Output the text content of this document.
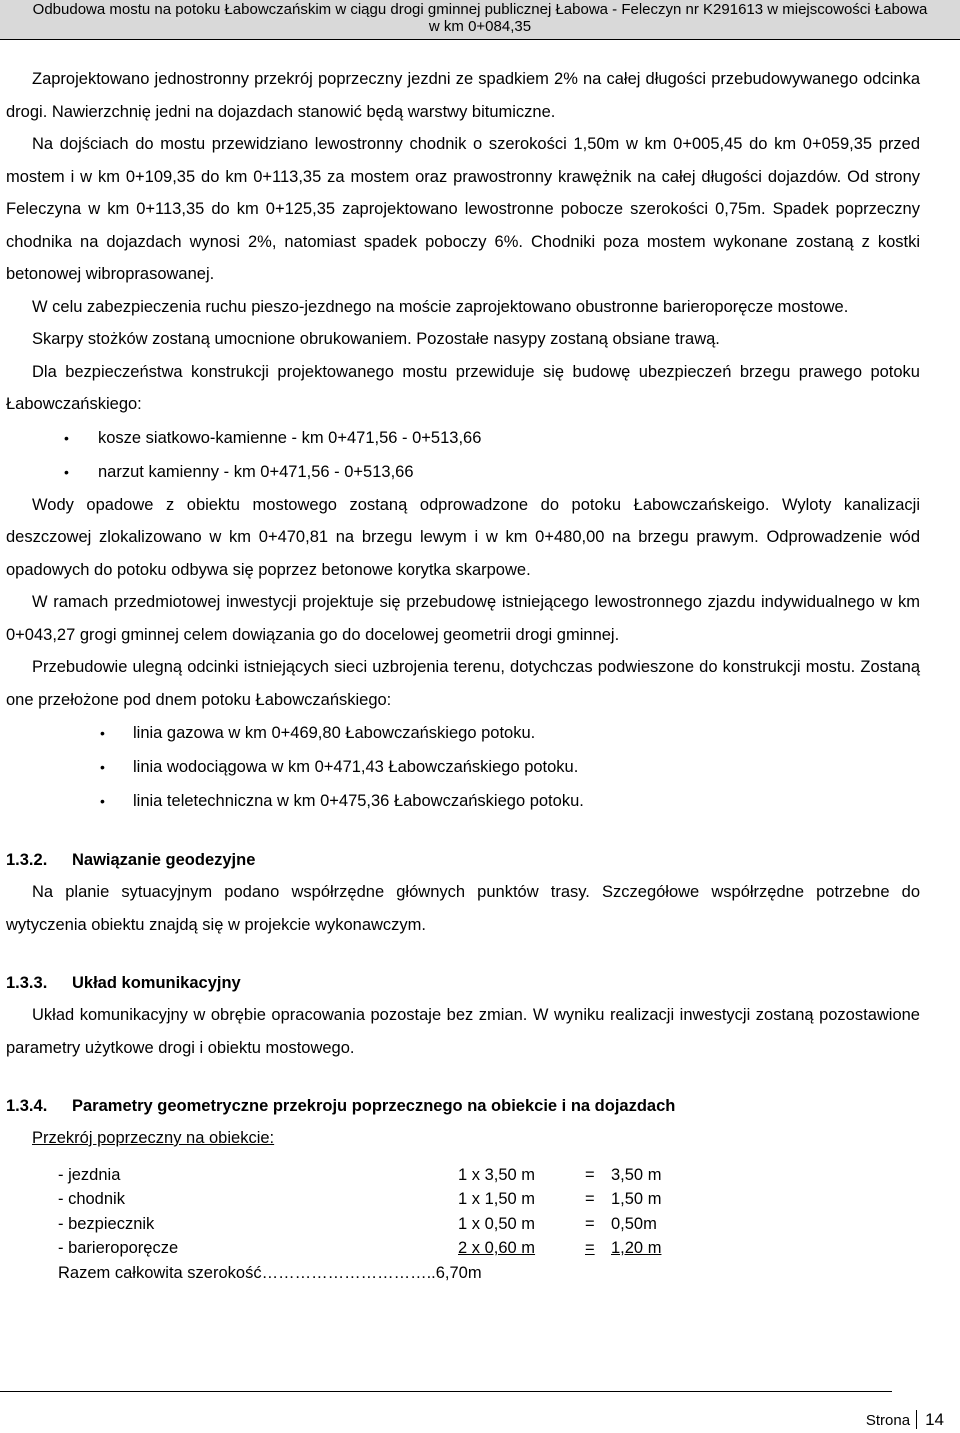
Odbudowa mostu na potoku Łabowczańskim w ciągu drogi gminnej publicznej Łabowa - Feleczyn nr K291613 w miejscowości Łabowa
w km 0+084,35

Zaprojektowano jednostronny przekrój poprzeczny jezdni ze spadkiem 2% na całej długości przebudowywanego odcinka drogi. Nawierzchnię jedni na dojazdach stanowić będą warstwy bitumiczne.

Na dojściach do mostu przewidziano lewostronny chodnik o szerokości 1,50m w km 0+005,45 do km 0+059,35 przed mostem i w km 0+109,35 do km 0+113,35 za mostem oraz prawostronny krawężnik na całej długości dojazdów. Od strony Feleczyna w km 0+113,35 do km 0+125,35 zaprojektowano lewostronne pobocze szerokości 0,75m. Spadek poprzeczny chodnika na dojazdach wynosi 2%, natomiast spadek poboczy 6%. Chodniki poza mostem wykonane zostaną z kostki betonowej wibroprasowanej.

W celu zabezpieczenia ruchu pieszo-jezdnego na moście zaprojektowano obustronne barieroporęcze mostowe.

Skarpy stożków zostaną umocnione obrukowaniem. Pozostałe nasypy zostaną obsiane trawą.

Dla bezpieczeństwa konstrukcji projektowanego mostu przewiduje się budowę ubezpieczeń brzegu prawego potoku Łabowczańskiego:

• kosze siatkowo-kamienne - km 0+471,56 - 0+513,66
• narzut kamienny - km 0+471,56 - 0+513,66

Wody opadowe z obiektu mostowego zostaną odprowadzone do potoku Łabowczańskeigo. Wyloty kanalizacji deszczowej zlokalizowano w km 0+470,81 na brzegu lewym i w km 0+480,00 na brzegu prawym. Odprowadzenie wód opadowych do potoku odbywa się poprzez betonowe korytka skarpowe.

W ramach przedmiotowej inwestycji projektuje się przebudowę istniejącego lewostronnego zjazdu indywidualnego w km 0+043,27 grogi gminnej celem dowiązania go do docelowej geometrii drogi gminnej.

Przebudowie ulegną odcinki istniejących sieci uzbrojenia terenu, dotychczas podwieszone do konstrukcji mostu. Zostaną one przełożone pod dnem potoku Łabowczańskiego:

• linia gazowa w km 0+469,80 Łabowczańskiego potoku.
• linia wodociągowa w km 0+471,43 Łabowczańskiego potoku.
• linia teletechniczna w km 0+475,36 Łabowczańskiego potoku.
1.3.2. Nawiązanie geodezyjne

Na planie sytuacyjnym podano współrzędne głównych punktów trasy. Szczegółowe współrzędne potrzebne do wytyczenia obiektu znajdą się w projekcie wykonawczym.

1.3.3. Układ komunikacyjny

Układ komunikacyjny w obrębie opracowania pozostaje bez zmian. W wyniku realizacji inwestycji zostaną pozostawione parametry użytkowe drogi i obiektu mostowego.

1.3.4. Parametry geometryczne przekroju poprzecznego na obiekcie i na dojazdach

Przekrój poprzeczny na obiekcie:

- jezdnia	1 x 3,50 m	=	3,50 m
- chodnik	1 x 1,50 m	=	1,50 m
- bezpiecznik	1 x 0,50 m	=	0,50m
- barieroporęcze	2 x 0,60 m	=	1,20 m
Razem całkowita szerokość…………………………..6,70m			
Strona 14
